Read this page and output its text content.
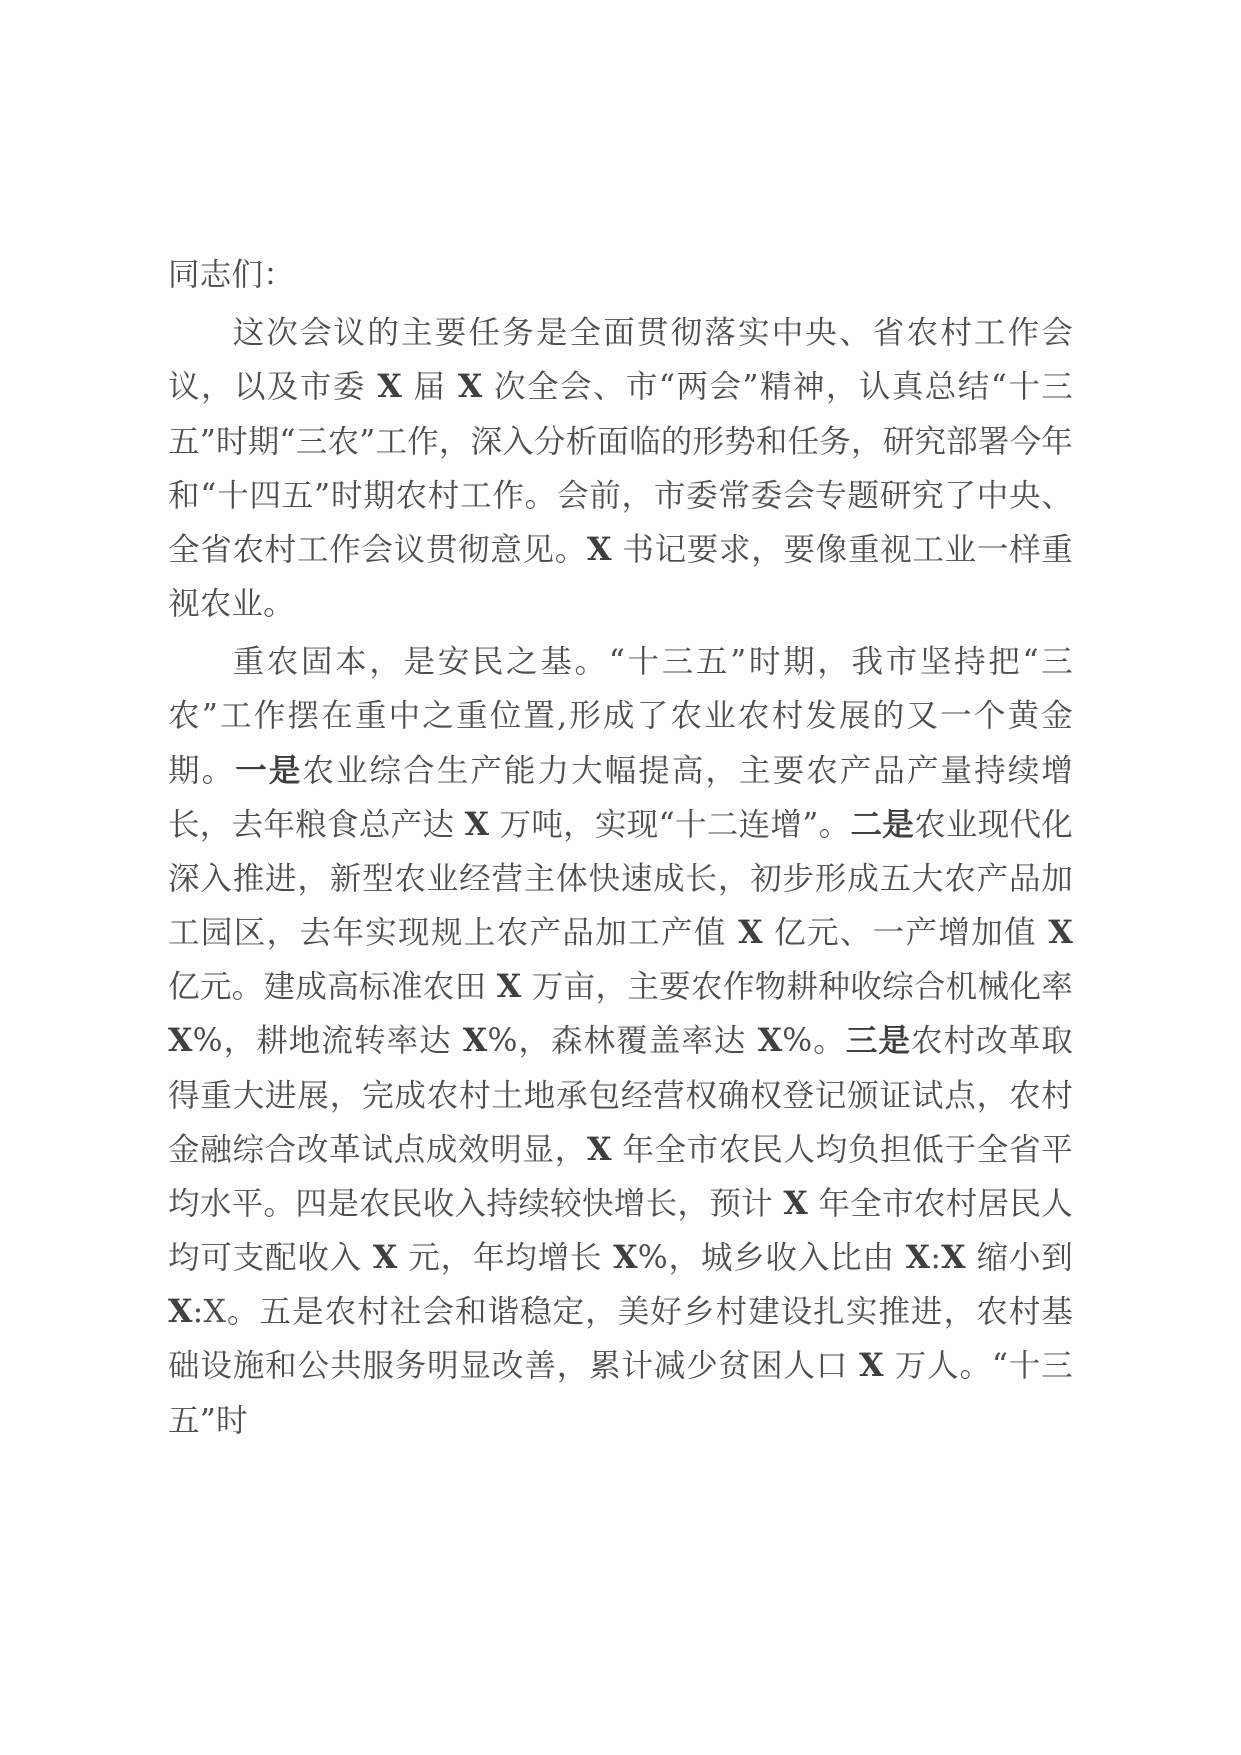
同志们：

这次会议的主要任务是全面贯彻落实中央、省农村工作会议，以及市委 X 届 X 次全会、市“两会”精神，认真总结“十三五”时期“三农”工作，深入分析面临的形势和任务，研究部署今年和“十四五”时期农村工作。会前，市委常委会专题研究了中央、全省农村工作会议贯彻意见。X 书记要求，要像重视工业一样重视农业。

重农固本，是安民之基。“十三五”时期，我市坚持把“三农”工作摆在重中之重位置,形成了农业农村发展的又一个黄金期。一是农业综合生产能力大幅提高，主要农产品产量持续增长，去年粮食总产达 X 万吨，实现“十二连增”。二是农业现代化深入推进，新型农业经营主体快速成长，初步形成五大农产品加工园区，去年实现规上农产品加工产值 X 亿元、一产增加值 X 亿元。建成高标准农田 X 万亩，主要农作物耕种收综合机械化率 X%，耕地流转率达 X%，森林覆盖率达 X%。三是农村改革取得重大进展，完成农村土地承包经营权确权登记颁证试点，农村金融综合改革试点成效明显，X 年全市农民人均负担低于全省平均水平。四是农民收入持续较快增长，预计 X 年全市农村居民人均可支配收入 X 元，年均增长 X%，城乡收入比由 X:X 缩小到 X:X。五是农村社会和谐稳定，美好乡村建设扎实推进，农村基础设施和公共服务明显改善，累计减少贫困人口 X 万人。“十三五”时
